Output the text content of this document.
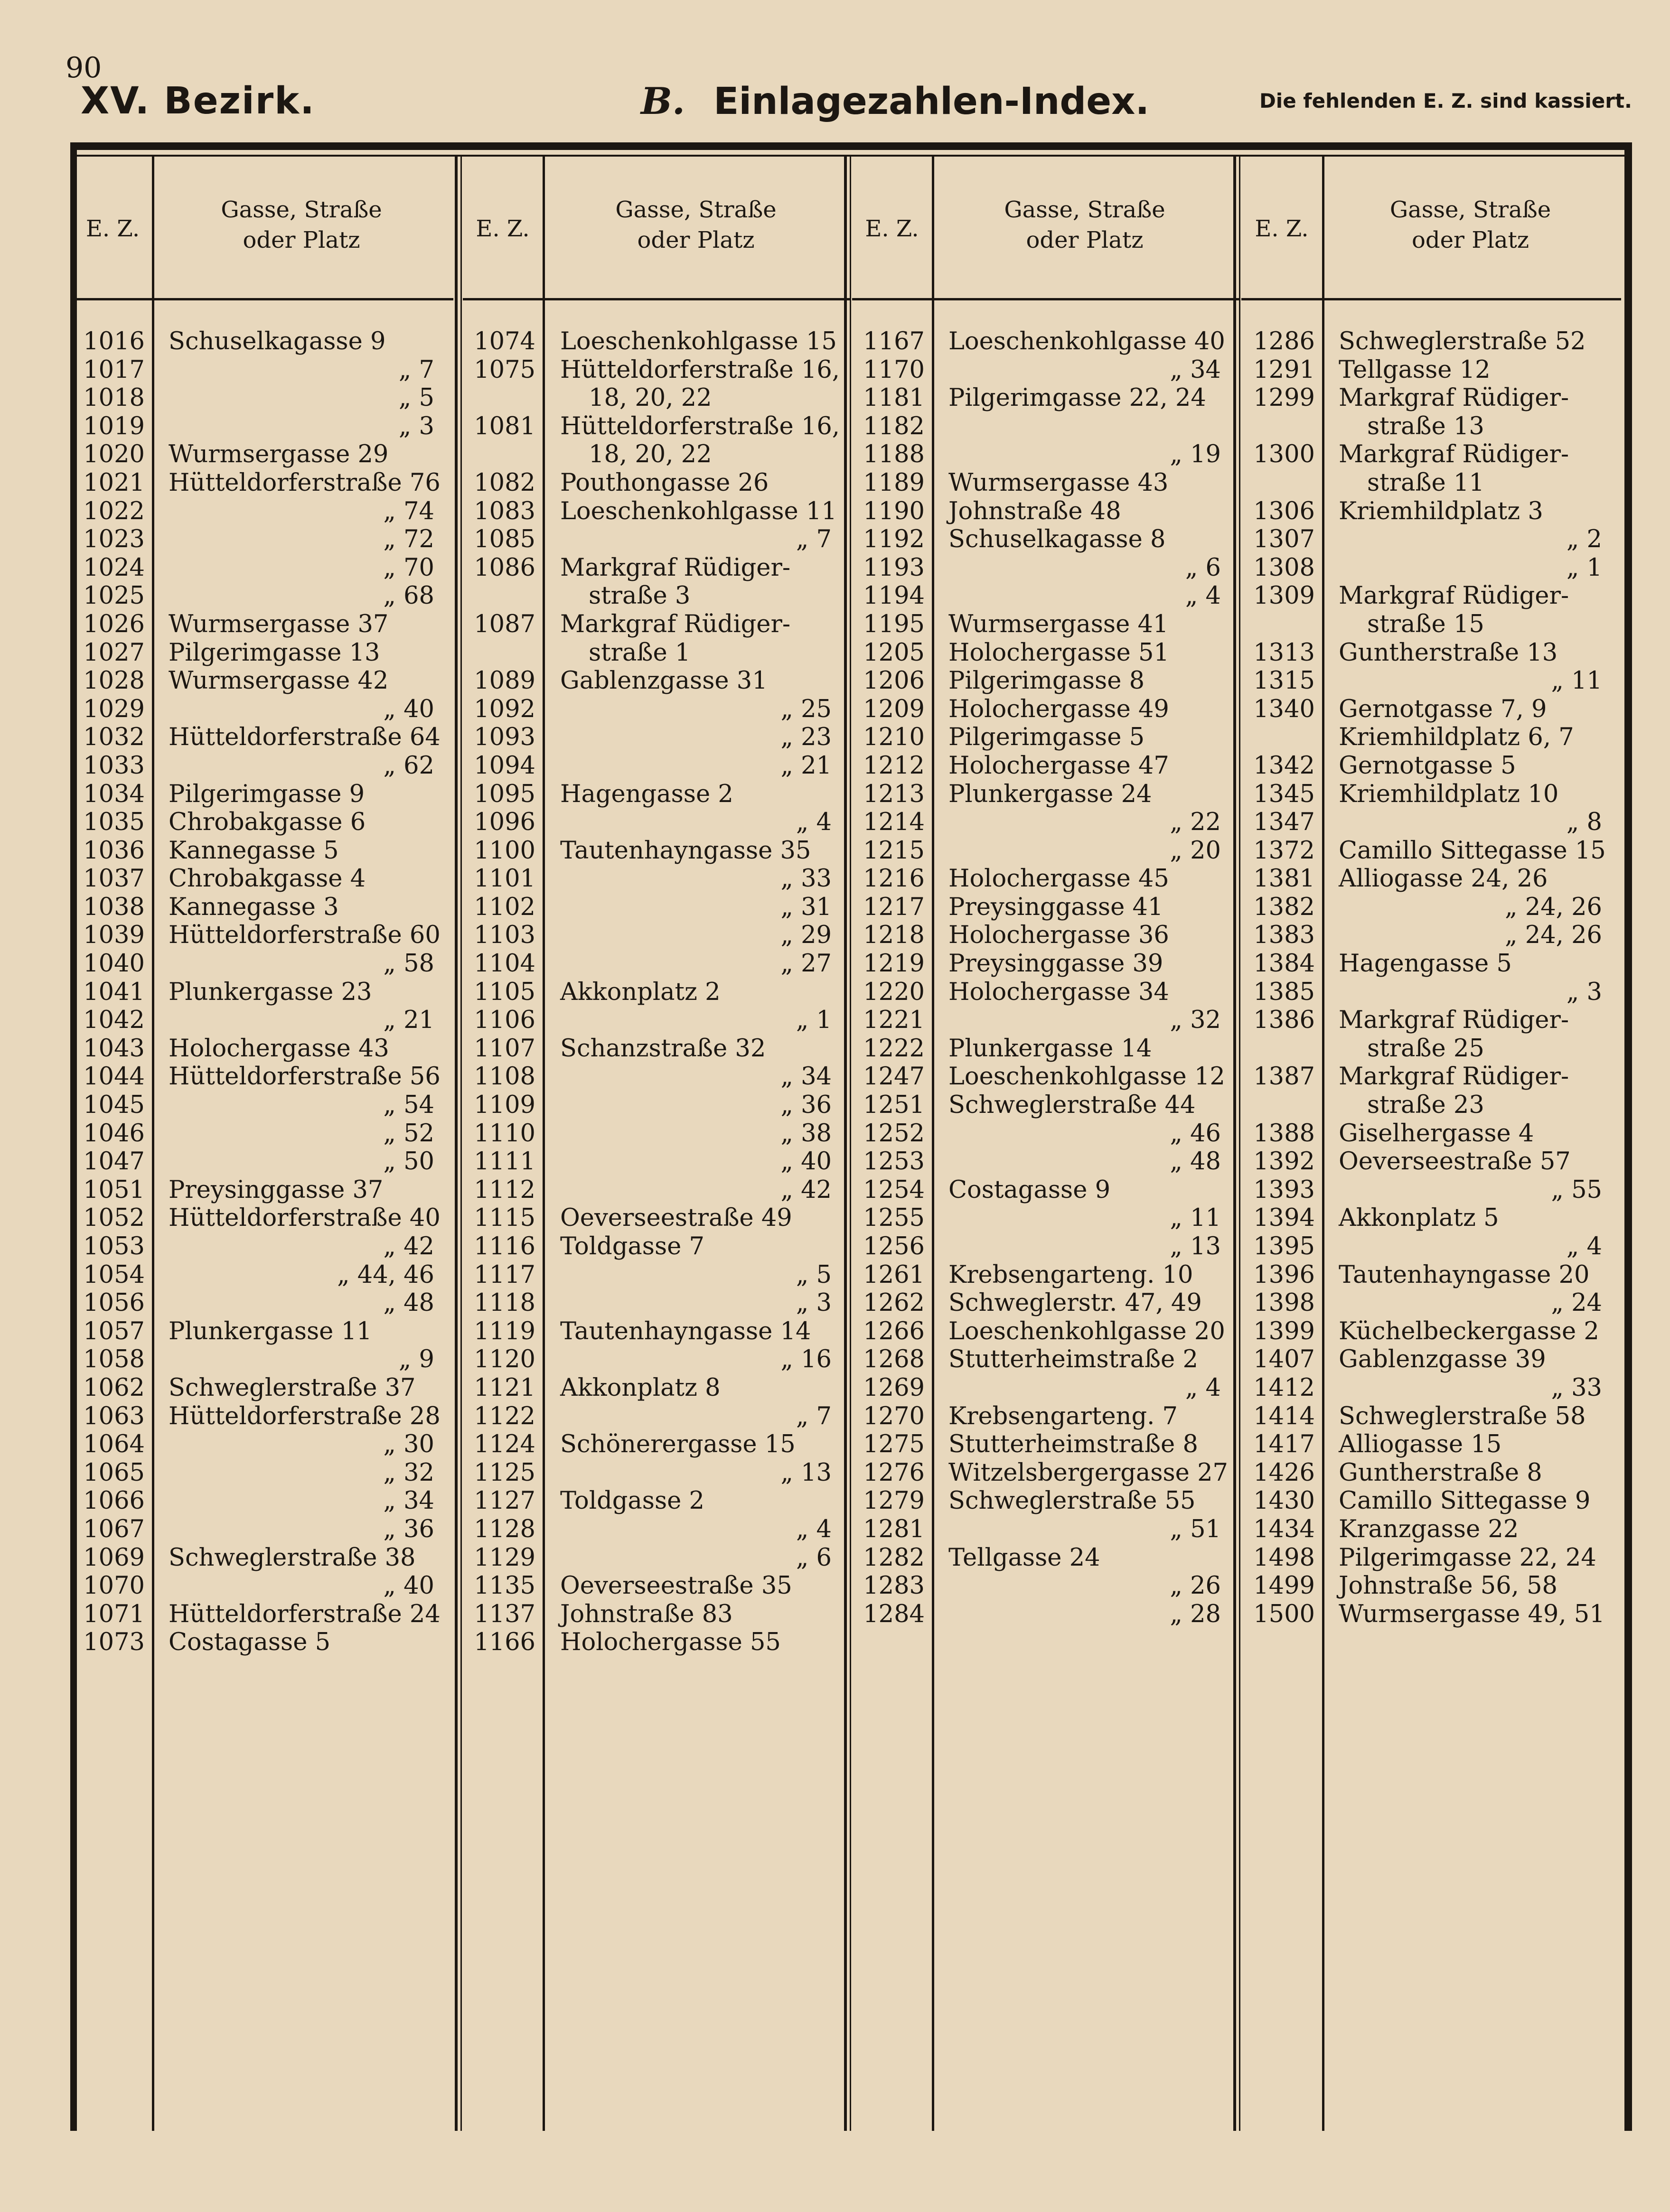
90
XV. Bezirk.	B. Einlagezahlen-Index.	Die fehlenden E. Z. sind kassiert.
E. Z.
Gasse, Straße
oder Platz
1016
1017
1018
1019
1020
1021
1022
1023
1024
1025
1026
1027
1028
1029
1032
1033
1034
1035
1036
1037
1038
1039
1040
1041
1042
1043
1044
1045
1046
1047
1051
1052
1053
1054
1056
1057
1058
1062
1063
1064
1065
1066
1067
1069
1070
1071
1073
Schuselkagasse 9
„ 7
„ 5
„ 3
Wurmsergasse 29
Hütteldorferstraße 76
„ 74
„ 72
„ 70
„ 68
Wurmsergasse 37
Pilgerimgasse 13
Wurmsergasse 42
„ 40
Hütteldorferstraße 64
„ 62
Pilgerimgasse 9
Chrobakgasse 6
Kannegasse 5
Chrobakgasse 4
Kannegasse 3
Hütteldorferstraße 60
„ 58
Plunkergasse 23
„ 21
Holochergasse 43
Hütteldorferstraße 56
„ 54
„ 52
„ 50
Preysinggasse 37
Hütteldorferstraße 40
„ 42
„ 44, 46
„ 48
Plunkergasse 11
„ 9
Schweglerstraße 37
Hütteldorferstraße 28
„ 30
„ 32
„ 34
„ 36
Schweglerstraße 38
„ 40
Hütteldorferstraße 24
Costagasse 5
E. Z.
Gasse, Straße
oder Platz
1074
1075
1081
1082
1083
1085
1086
1087
1089
1092
1093
1094
1095
1096
1100
1101
1102
1103
1104
1105
1106
1107
1108
1109
1110
1111
1112
1115
1116
1117
1118
1119
1120
1121
1122
1124
1125
1127
1128
1129
1135
1137
1166
Loeschenkohlgasse 15
Hütteldorferstraße 16,
18, 20, 22
Hütteldorferstraße 16,
18, 20, 22
Pouthongasse 26
Loeschenkohlgasse 11
„ 7
Markgraf Rüdiger-
straße 3
Markgraf Rüdiger-
straße 1
Gablenzgasse 31
„ 25
„ 23
„ 21
Hagengasse 2
„ 4
Tautenhayngasse 35
„ 33
„ 31
„ 29
„ 27
Akkonplatz 2
„ 1
Schanzstraße 32
„ 34
„ 36
„ 38
„ 40
„ 42
Oeverseestraße 49
Toldgasse 7
„ 5
„ 3
Tautenhayngasse 14
„ 16
Akkonplatz 8
„ 7
Schönerergasse 15
„ 13
Toldgasse 2
„ 4
„ 6
Oeverseestraße 35
Johnstraße 83
Holochergasse 55
E. Z.
Gasse, Straße
oder Platz
1167
1170
1181
1182
1188
1189
1190
1192
1193
1194
1195
1205
1206
1209
1210
1212
1213
1214
1215
1216
1217
1218
1219
1220
1221
1222
1247
1251
1252
1253
1254
1255
1256
1261
1262
1266
1268
1269
1270
1275
1276
1279
1281
1282
1283
1284
Loeschenkohlgasse 40
„ 34
Pilgerimgasse 22, 24
„ 19
Wurmsergasse 43
Johnstraße 48
Schuselkagasse 8
„ 6
„ 4
Wurmsergasse 41
Holochergasse 51
Pilgerimgasse 8
Holochergasse 49
Pilgerimgasse 5
Holochergasse 47
Plunkergasse 24
„ 22
„ 20
Holochergasse 45
Preysinggasse 41
Holochergasse 36
Preysinggasse 39
Holochergasse 34
„ 32
Plunkergasse 14
Loeschenkohlgasse 12
Schweglerstraße 44
„ 46
„ 48
Costagasse 9
„ 11
„ 13
Krebsengarteng. 10
Schweglerstr. 47, 49
Loeschenkohlgasse 20
Stutterheimstraße 2
„ 4
Krebsengarteng. 7
Stutterheimstraße 8
Witzelsbergergasse 27
Schweglerstraße 55
„ 51
Tellgasse 24
„ 26
„ 28
E. Z.
Gasse, Straße
oder Platz
1286
1291
1299
1300
1306
1307
1308
1309
1313
1315
1340
1342
1345
1347
1372
1381
1382
1383
1384
1385
1386
1387
1388
1392
1393
1394
1395
1396
1398
1399
1407
1412
1414
1417
1426
1430
1434
1498
1499
1500
Schweglerstraße 52
Tellgasse 12
Markgraf Rüdiger-
straße 13
Markgraf Rüdiger-
straße 11
Kriemhildplatz 3
„ 2
„ 1
Markgraf Rüdiger-
straße 15
Guntherstraße 13
„ 11
Gernotgasse 7, 9
Kriemhildplatz 6, 7
Gernotgasse 5
Kriemhildplatz 10
„ 8
Camillo Sittegasse 15
Alliogasse 24, 26
„ 24, 26
„ 24, 26
Hagengasse 5
„ 3
Markgraf Rüdiger-
straße 25
Markgraf Rüdiger-
straße 23
Giselhergasse 4
Oeverseestraße 57
„ 55
Akkonplatz 5
„ 4
Tautenhayngasse 20
„ 24
Küchelbeckergasse 2
Gablenzgasse 39
„ 33
Schweglerstraße 58
Alliogasse 15
Guntherstraße 8
Camillo Sittegasse 9
Kranzgasse 22
Pilgerimgasse 22, 24
Johnstraße 56, 58
Wurmsergasse 49, 51
